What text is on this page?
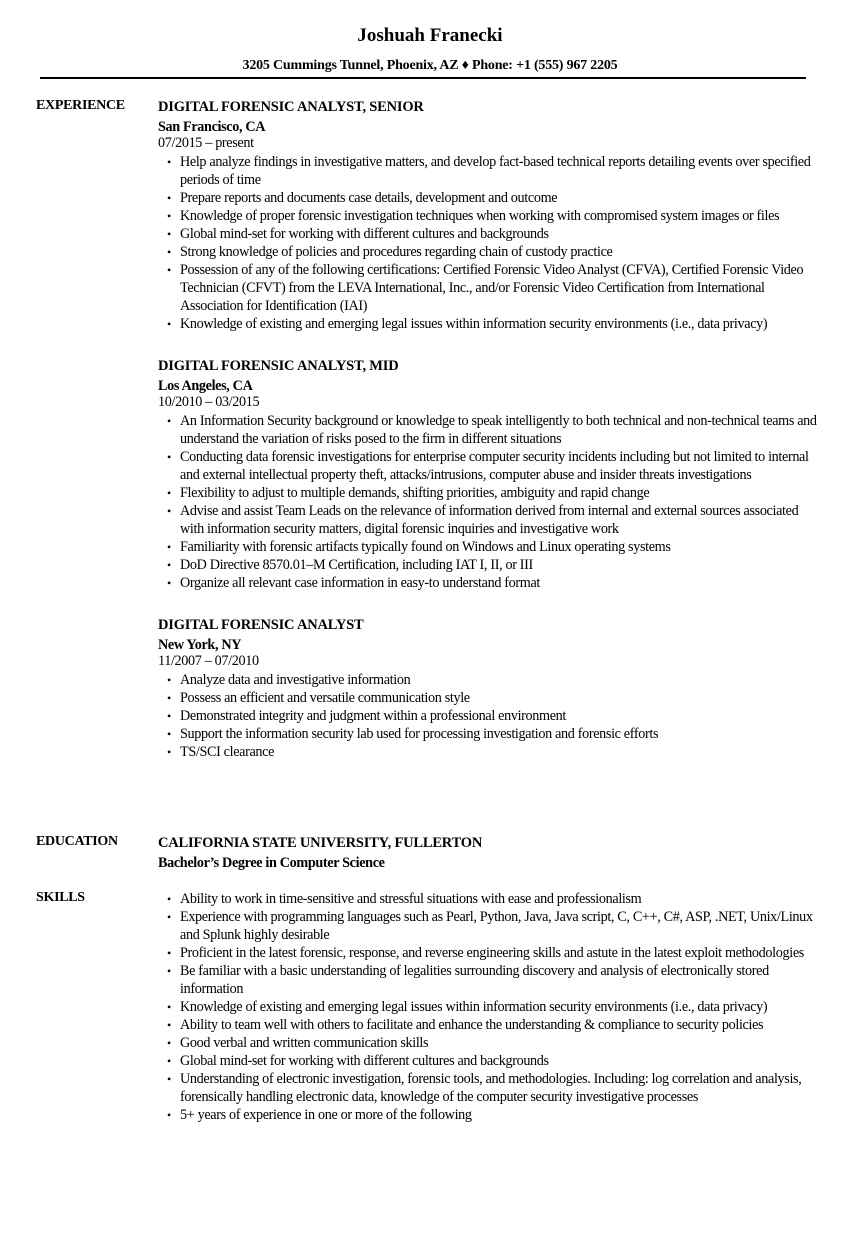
Joshuah Franecki
3205 Cummings Tunnel, Phoenix, AZ ♦ Phone: +1 (555) 967 2205
EXPERIENCE DIGITAL FORENSIC ANALYST, SENIOR
San Francisco, CA
07/2015 – present
• Help analyze findings in investigative matters, and develop fact-based technical reports detailing events over specified periods of time
• Prepare reports and documents case details, development and outcome
• Knowledge of proper forensic investigation techniques when working with compromised system images or files
• Global mind-set for working with different cultures and backgrounds
• Strong knowledge of policies and procedures regarding chain of custody practice
• Possession of any of the following certifications: Certified Forensic Video Analyst (CFVA), Certified Forensic Video Technician (CFVT) from the LEVA International, Inc., and/or Forensic Video Certification from International Association for Identification (IAI)
• Knowledge of existing and emerging legal issues within information security environments (i.e., data privacy)
DIGITAL FORENSIC ANALYST, MID
Los Angeles, CA
10/2010 – 03/2015
• An Information Security background or knowledge to speak intelligently to both technical and non-technical teams and understand the variation of risks posed to the firm in different situations
• Conducting data forensic investigations for enterprise computer security incidents including but not limited to internal and external intellectual property theft, attacks/intrusions, computer abuse and insider threats investigations
• Flexibility to adjust to multiple demands, shifting priorities, ambiguity and rapid change
• Advise and assist Team Leads on the relevance of information derived from internal and external sources associated with information security matters, digital forensic inquiries and investigative work
• Familiarity with forensic artifacts typically found on Windows and Linux operating systems
• DoD Directive 8570.01–M Certification, including IAT I, II, or III
• Organize all relevant case information in easy-to understand format
DIGITAL FORENSIC ANALYST
New York, NY
11/2007 – 07/2010
• Analyze data and investigative information
• Possess an efficient and versatile communication style
• Demonstrated integrity and judgment within a professional environment
• Support the information security lab used for processing investigation and forensic efforts
• TS/SCI clearance
EDUCATION	CALIFORNIA STATE UNIVERSITY, FULLERTON
Bachelor’s Degree in Computer Science
SKILLS	• Ability to work in time-sensitive and stressful situations with ease and professionalism
• Experience with programming languages such as Pearl, Python, Java, Java script, C, C++, C#, ASP, .NET, Unix/Linux and Splunk highly desirable
• Proficient in the latest forensic, response, and reverse engineering skills and astute in the latest exploit methodologies
• Be familiar with a basic understanding of legalities surrounding discovery and analysis of electronically stored information
• Knowledge of existing and emerging legal issues within information security environments (i.e., data privacy)
• Ability to team well with others to facilitate and enhance the understanding & compliance to security policies
• Good verbal and written communication skills
• Global mind-set for working with different cultures and backgrounds
• Understanding of electronic investigation, forensic tools, and methodologies. Including: log correlation and analysis, forensically handling electronic data, knowledge of the computer security investigative processes
• 5+ years of experience in one or more of the following
